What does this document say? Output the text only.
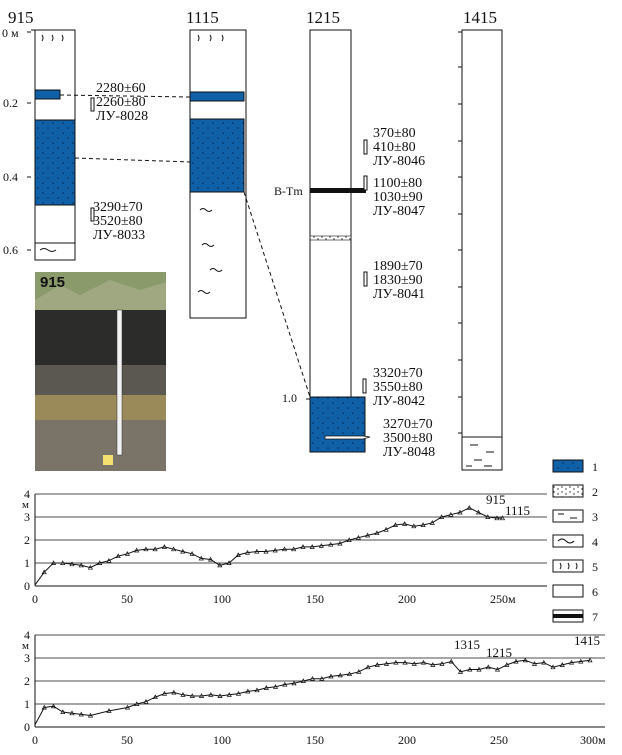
915	1115	1215	1415
0 м
0.2
0.4
0.6
1.0
2280±60
2260±80
ЛУ-8028
3290±70
3520±80
ЛУ-8033
370±80
410±80
ЛУ-8046
1100±80
1030±90
ЛУ-8047
1890±70
1830±90
ЛУ-8041
3320±70
3550±80
ЛУ-8042
3270±70
3500±80
ЛУ-8048
B-Tm
1
2
3
4
5
6
7
0
1
2
3
4
м
0	50	100	150	200	250м
915
1115
0
1
2
3
4
м
0	50	100	150	200	250	300м
1315
1215
1415
915
